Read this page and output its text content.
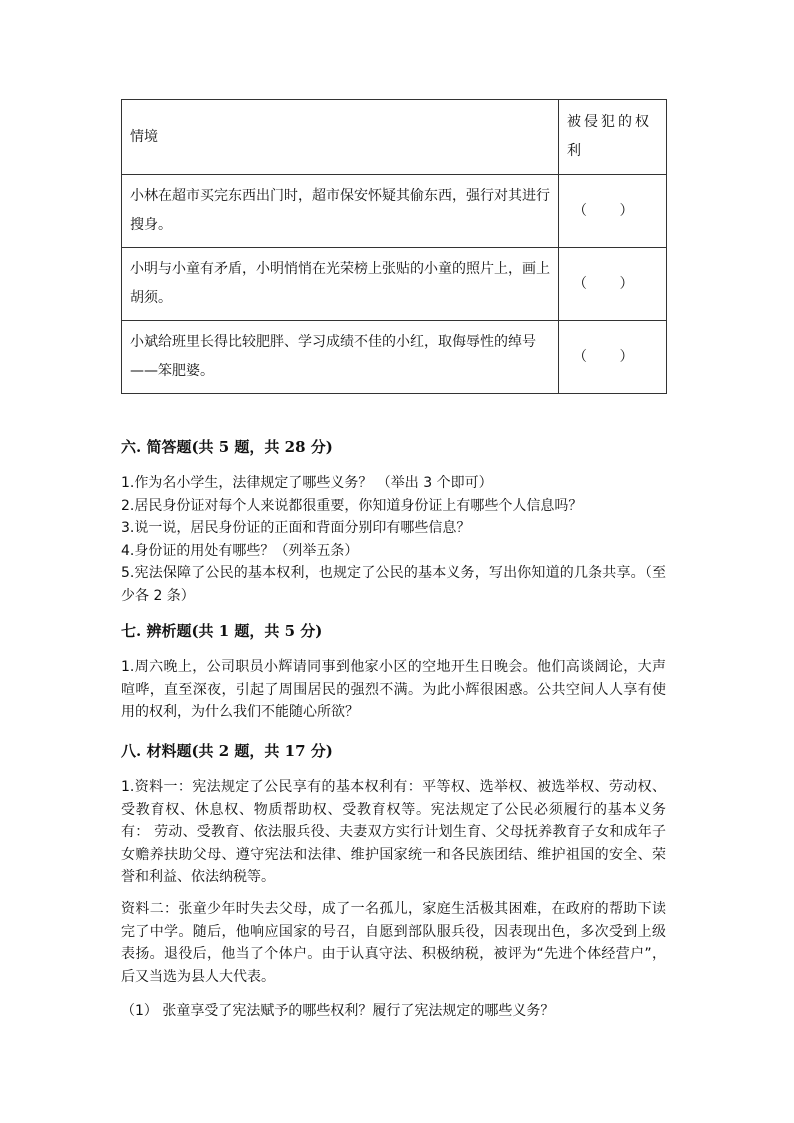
情境	被侵犯的权利
小林在超市买完东西出门时，超市保安怀疑其偷东西，强行对其进行搜身。	（ 　　）
小明与小童有矛盾，小明悄悄在光荣榜上张贴的小童的照片上，画上胡须。	（ 　　）
小斌给班里长得比较肥胖、学习成绩不佳的小红，取侮辱性的绰号——笨肥婆。	（ 　　）
六. 简答题(共 5 题，共 28 分)

1.作为名小学生，法律规定了哪些义务？ （举出 3 个即可）

2.居民身份证对每个人来说都很重要，你知道身份证上有哪些个人信息吗？

3.说一说，居民身份证的正面和背面分别印有哪些信息？

4.身份证的用处有哪些？（列举五条）

5.宪法保障了公民的基本权利，也规定了公民的基本义务，写出你知道的几条共享。（至少各 2 条）

七. 辨析题(共 1 题，共 5 分)

1.周六晚上，公司职员小辉请同事到他家小区的空地开生日晚会。他们高谈阔论，大声喧哗，直至深夜，引起了周围居民的强烈不满。为此小辉很困惑。公共空间人人享有使用的权利，为什么我们不能随心所欲？

八. 材料题(共 2 题，共 17 分)

1.资料一：宪法规定了公民享有的基本权利有：平等权、选举权、被选举权、劳动权、受教育权、休息权、物质帮助权、受教育权等。宪法规定了公民必须履行的基本义务有： 劳动、受教育、依法服兵役、夫妻双方实行计划生育、父母抚养教育子女和成年子女赡养扶助父母、遵守宪法和法律、维护国家统一和各民族团结、维护祖国的安全、荣誉和利益、依法纳税等。

资料二：张童少年时失去父母，成了一名孤儿，家庭生活极其困难，在政府的帮助下读完了中学。随后，他响应国家的号召，自愿到部队服兵役，因表现出色，多次受到上级表扬。退役后，他当了个体户。由于认真守法、积极纳税，被评为“先进个体经营户”，后又当选为县人大代表。

（1） 张童享受了宪法赋予的哪些权利？履行了宪法规定的哪些义务？
